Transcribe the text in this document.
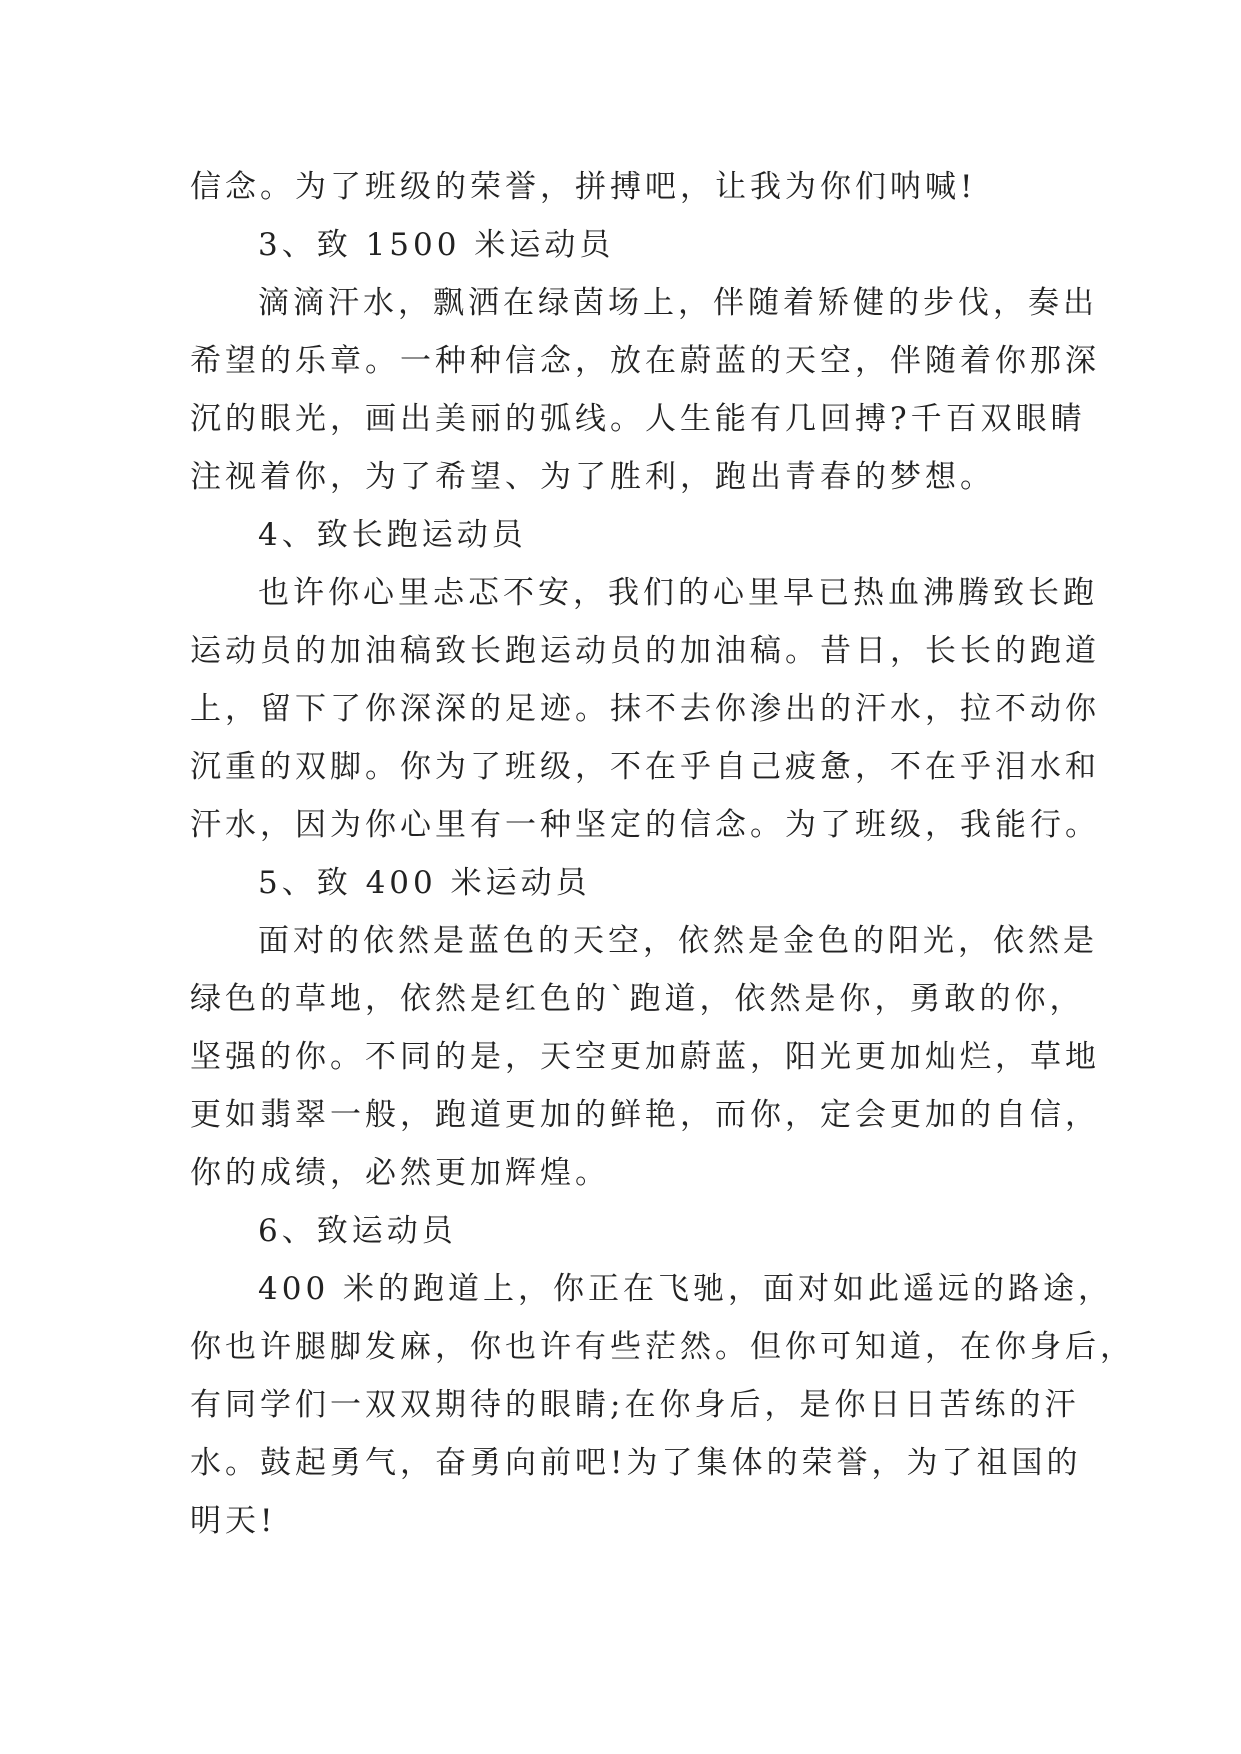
信念。为了班级的荣誉，拼搏吧，让我为你们呐喊!
3、致 1500 米运动员
滴滴汗水，飘洒在绿茵场上，伴随着矫健的步伐，奏出
希望的乐章。一种种信念，放在蔚蓝的天空，伴随着你那深
沉的眼光，画出美丽的弧线。人生能有几回搏?千百双眼睛
注视着你，为了希望、为了胜利，跑出青春的梦想。
4、致长跑运动员
也许你心里忐忑不安，我们的心里早已热血沸腾致长跑
运动员的加油稿致长跑运动员的加油稿。昔日，长长的跑道
上，留下了你深深的足迹。抹不去你渗出的汗水，拉不动你
沉重的双脚。你为了班级，不在乎自己疲惫，不在乎泪水和
汗水，因为你心里有一种坚定的信念。为了班级，我能行。
5、致 400 米运动员
面对的依然是蓝色的天空，依然是金色的阳光，依然是
绿色的草地，依然是红色的`跑道，依然是你，勇敢的你，
坚强的你。不同的是，天空更加蔚蓝，阳光更加灿烂，草地
更如翡翠一般，跑道更加的鲜艳，而你，定会更加的自信，
你的成绩，必然更加辉煌。
6、致运动员
400 米的跑道上，你正在飞驰，面对如此遥远的路途，
你也许腿脚发麻，你也许有些茫然。但你可知道，在你身后，
有同学们一双双期待的眼睛;在你身后，是你日日苦练的汗
水。鼓起勇气，奋勇向前吧!为了集体的荣誉，为了祖国的
明天!
